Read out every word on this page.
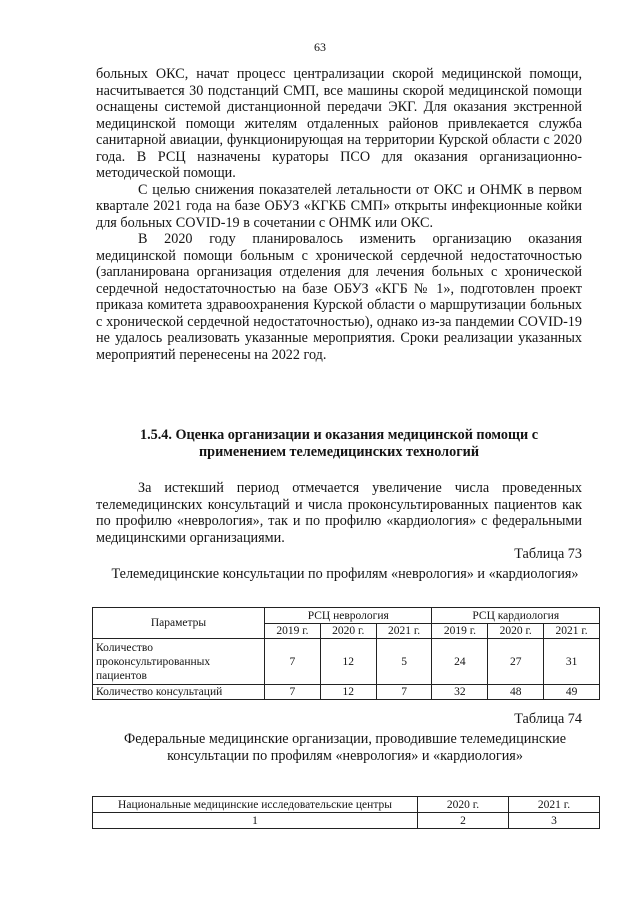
63

больных ОКС, начат процесс централизации скорой медицинской помощи, насчитывается 30 подстанций СМП, все машины скорой медицинской помощи оснащены системой дистанционной передачи ЭКГ. Для оказания экстренной медицинской помощи жителям отдаленных районов привлекается служба санитарной авиации, функционирующая на территории Курской области с 2020 года. В РСЦ назначены кураторы ПСО для оказания организационно-методической помощи.

С целью снижения показателей летальности от ОКС и ОНМК в первом квартале 2021 года на базе ОБУЗ «КГКБ СМП» открыты инфекционные койки для больных COVID-19 в сочетании с ОНМК или ОКС.

В 2020 году планировалось изменить организацию оказания медицинской помощи больным с хронической сердечной недостаточностью (запланирована организация отделения для лечения больных с хронической сердечной недостаточностью на базе ОБУЗ «КГБ № 1», подготовлен проект приказа комитета здравоохранения Курской области о маршрутизации больных с хронической сердечной недостаточностью), однако из-за пандемии COVID-19 не удалось реализовать указанные мероприятия. Сроки реализации указанных мероприятий перенесены на 2022 год.

1.5.4. Оценка организации и оказания медицинской помощи с применением телемедицинских технологий

За истекший период отмечается увеличение числа проведенных телемедицинских консультаций и числа проконсультированных пациентов как по профилю «неврология», так и по профилю «кардиология» с федеральными медицинскими организациями.

Таблица 73
Телемедицинские консультации по профилям «неврология» и «кардиология»
Параметры	РСЦ неврология			РСЦ кардиология		
	2019 г.	2020 г.	2021 г.	2019 г.	2020 г.	2021 г.
Количество проконсультированных пациентов	7	12	5	24	27	31
Количество консультаций	7	12	7	32	48	49
Таблица 74
Федеральные медицинские организации, проводившие телемедицинские консультации по профилям «неврология» и «кардиология»
Национальные медицинские исследовательские центры	2020 г.	2021 г.
1	2	3
